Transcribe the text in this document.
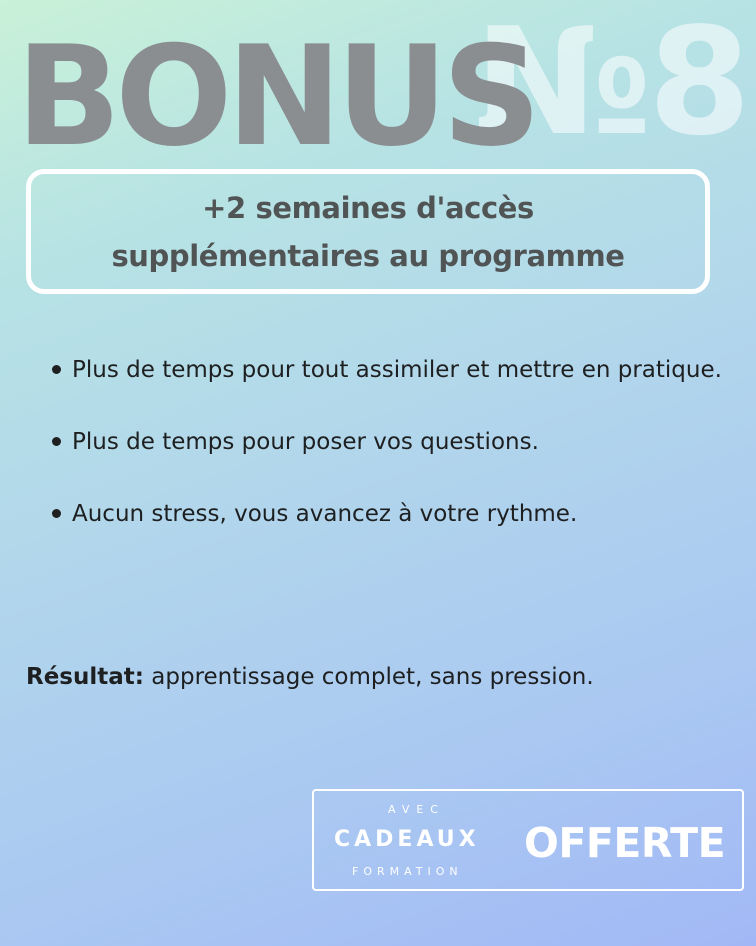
№8
BONUS
+2 semaines d'accès
supplémentaires au programme
Plus de temps pour tout assimiler et mettre en pratique.
Plus de temps pour poser vos questions.
Aucun stress, vous avancez à votre rythme.
Résultat: apprentissage complet, sans pression.
AVEC
CADEAUX
FORMATION
OFFERTE
